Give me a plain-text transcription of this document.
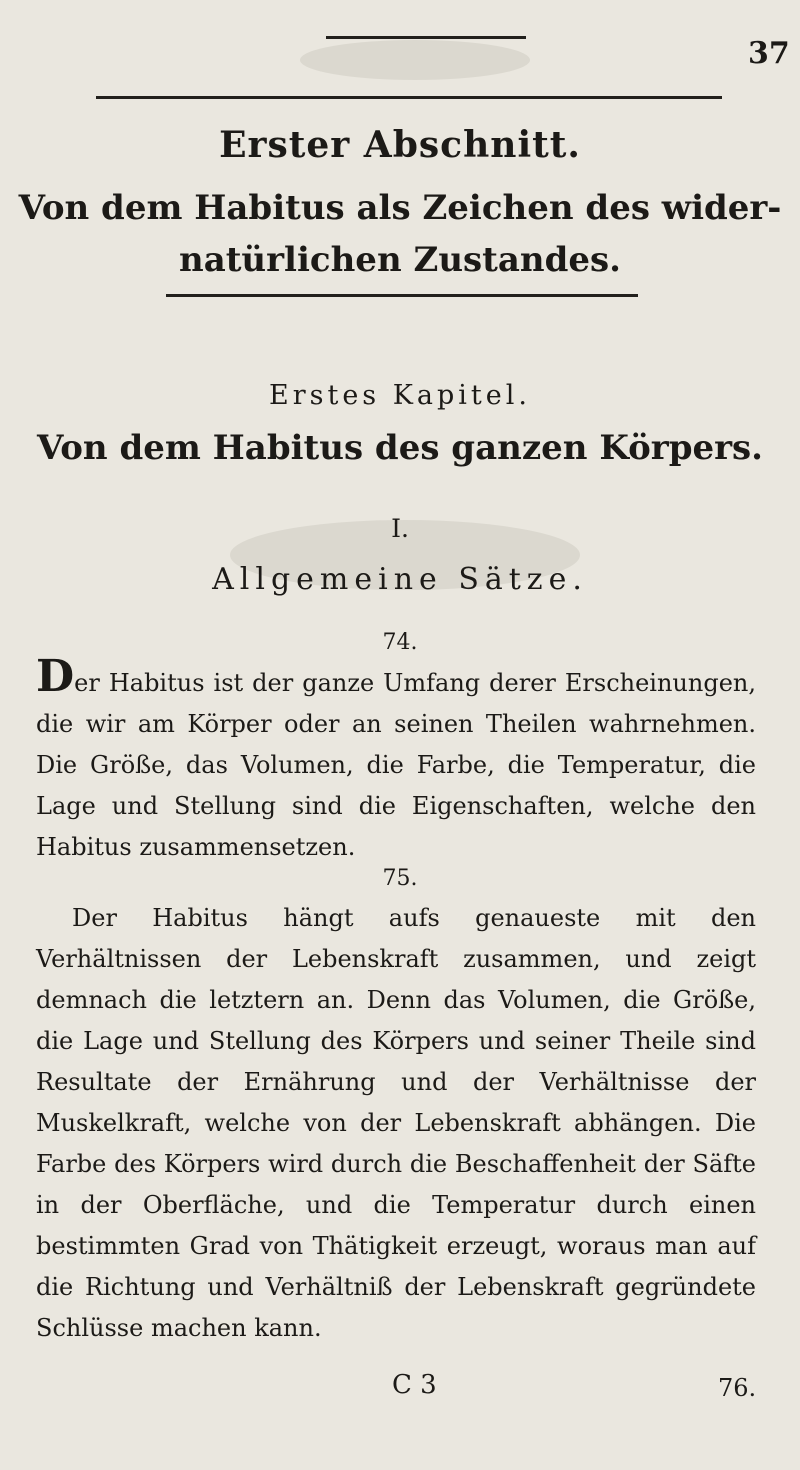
37
Erster Abschnitt.
Von dem Habitus als Zeichen des wider-
natürlichen Zustandes.
Erstes Kapitel.
Von dem Habitus des ganzen Körpers.
I.
Allgemeine Sätze.
74.
Der Habitus ist der ganze Umfang derer Erscheinungen, die wir am Körper oder an seinen Theilen wahrnehmen. Die Größe, das Volumen, die Farbe, die Temperatur, die Lage und Stellung sind die Eigenschaften, welche den Habitus zusammensetzen.
75.
Der Habitus hängt aufs genaueste mit den Verhältnissen der Lebenskraft zusammen, und zeigt demnach die letztern an. Denn das Volumen, die Größe, die Lage und Stellung des Körpers und seiner Theile sind Resultate der Ernährung und der Verhältnisse der Muskelkraft, welche von der Lebenskraft abhängen. Die Farbe des Körpers wird durch die Beschaffenheit der Säfte in der Oberfläche, und die Temperatur durch einen bestimmten Grad von Thätigkeit erzeugt, woraus man auf die Richtung und Verhältniß der Lebenskraft gegründete Schlüsse machen kann.
C 3	76.
